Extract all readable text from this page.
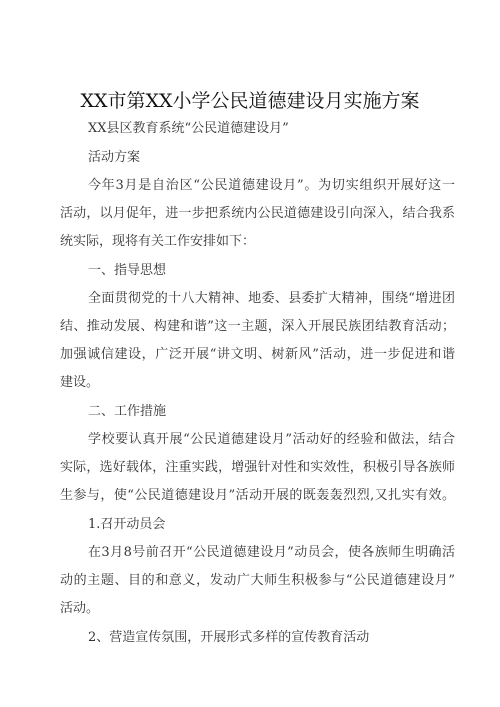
XX市第XX小学公民道德建设月实施方案
XX县区教育系统“公民道德建设月”
活动方案
今年3月是自治区“公民道德建设月”。为切实组织开展好这一
活动，以月促年，进一步把系统内公民道德建设引向深入，结合我系
统实际，现将有关工作安排如下：
一、指导思想
全面贯彻党的十八大精神、地委、县委扩大精神，围绕“增进团
结、推动发展、构建和谐”这一主题，深入开展民族团结教育活动；
加强诚信建设，广泛开展“讲文明、树新风”活动，进一步促进和谐
建设。
二、工作措施
学校要认真开展“公民道德建设月”活动好的经验和做法，结合
实际，选好载体，注重实践，增强针对性和实效性，积极引导各族师
生参与，使“公民道德建设月”活动开展的既轰轰烈烈,又扎实有效。
1.召开动员会
在3月8号前召开“公民道德建设月”动员会，使各族师生明确活
动的主题、目的和意义，发动广大师生积极参与“公民道德建设月”
活动。
2、营造宣传氛围，开展形式多样的宣传教育活动
